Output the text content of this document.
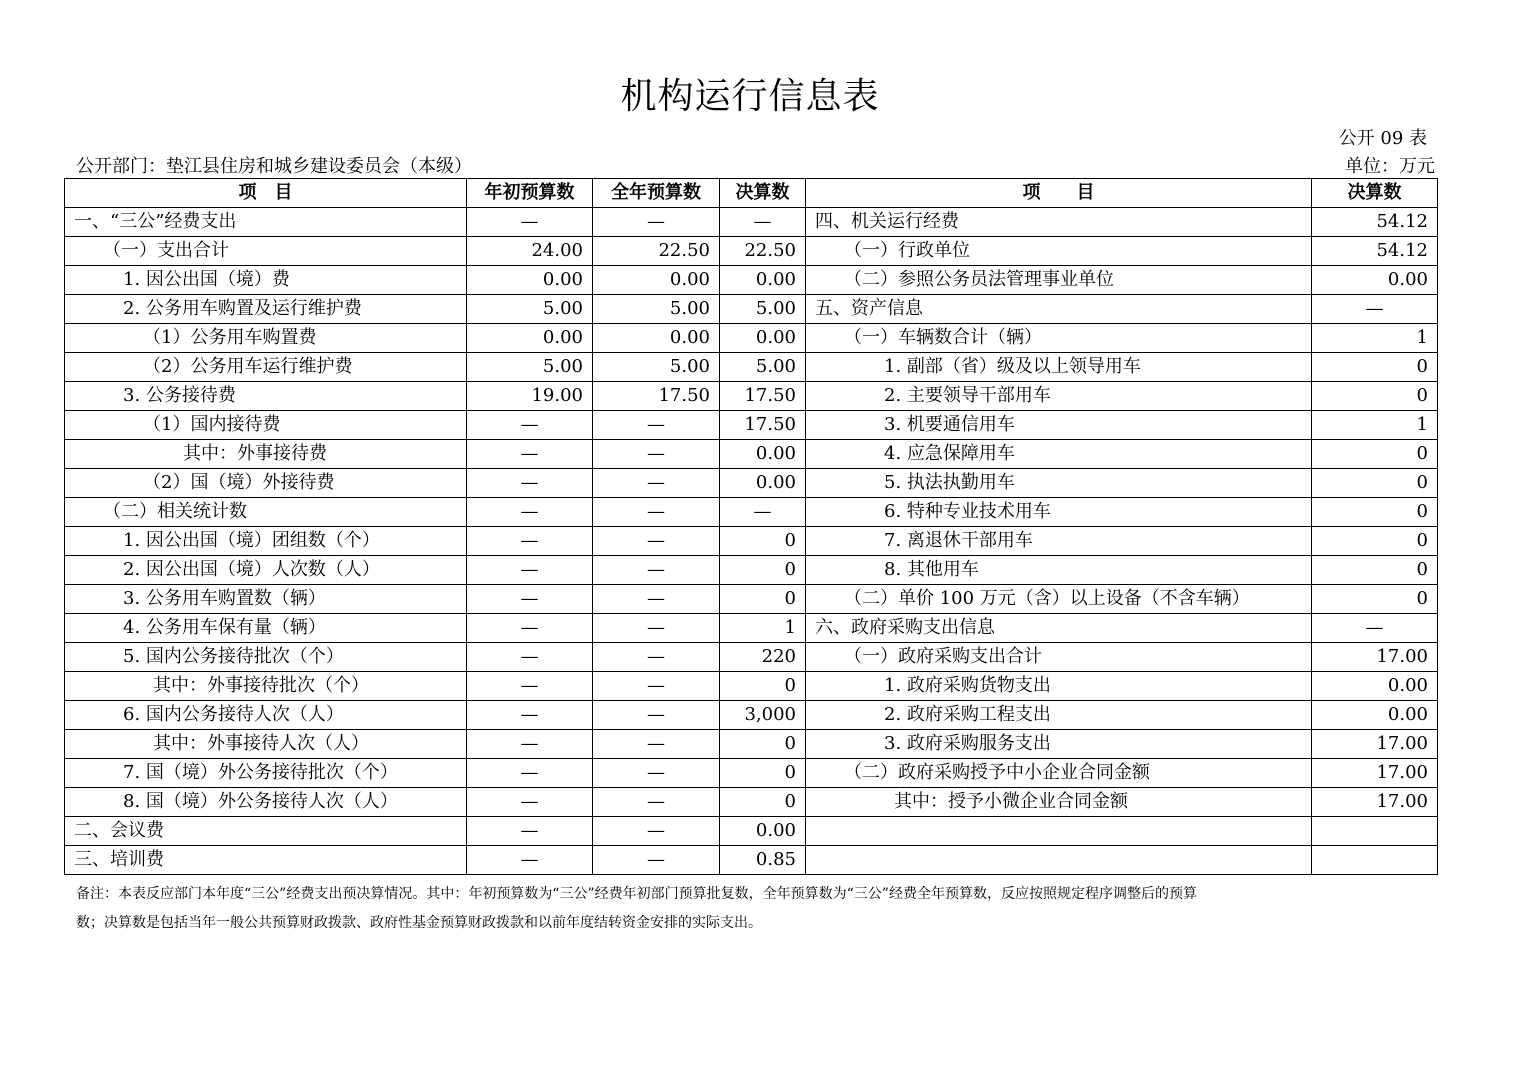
机构运行信息表
公开 09 表
公开部门：垫江县住房和城乡建设委员会（本级）	单位：万元
项　目	年初预算数	全年预算数	决算数	项　　目	决算数
一、“三公”经费支出	—	—	—	四、机关运行经费	54.12
（一）支出合计	24.00	22.50	22.50	（一）行政单位	54.12
1. 因公出国（境）费	0.00	0.00	0.00	（二）参照公务员法管理事业单位	0.00
2. 公务用车购置及运行维护费	5.00	5.00	5.00	五、资产信息	—
（1）公务用车购置费	0.00	0.00	0.00	（一）车辆数合计（辆）	1
（2）公务用车运行维护费	5.00	5.00	5.00	1. 副部（省）级及以上领导用车	0
3. 公务接待费	19.00	17.50	17.50	2. 主要领导干部用车	0
（1）国内接待费	—	—	17.50	3. 机要通信用车	1
其中：外事接待费	—	—	0.00	4. 应急保障用车	0
（2）国（境）外接待费	—	—	0.00	5. 执法执勤用车	0
（二）相关统计数	—	—	—	6. 特种专业技术用车	0
1. 因公出国（境）团组数（个）	—	—	0	7. 离退休干部用车	0
2. 因公出国（境）人次数（人）	—	—	0	8. 其他用车	0
3. 公务用车购置数（辆）	—	—	0	（二）单价 100 万元（含）以上设备（不含车辆）	0
4. 公务用车保有量（辆）	—	—	1	六、政府采购支出信息	—
5. 国内公务接待批次（个）	—	—	220	（一）政府采购支出合计	17.00
其中：外事接待批次（个）	—	—	0	1. 政府采购货物支出	0.00
6. 国内公务接待人次（人）	—	—	3,000	2. 政府采购工程支出	0.00
其中：外事接待人次（人）	—	—	0	3. 政府采购服务支出	17.00
7. 国（境）外公务接待批次（个）	—	—	0	（二）政府采购授予中小企业合同金额	17.00
8. 国（境）外公务接待人次（人）	—	—	0	其中：授予小微企业合同金额	17.00
二、会议费	—	—	0.00		
三、培训费	—	—	0.85		
备注：本表反应部门本年度“三公”经费支出预决算情况。其中：年初预算数为“三公”经费年初部门预算批复数，全年预算数为“三公”经费全年预算数，反应按照规定程序调整后的预算
数；决算数是包括当年一般公共预算财政拨款、政府性基金预算财政拨款和以前年度结转资金安排的实际支出。
